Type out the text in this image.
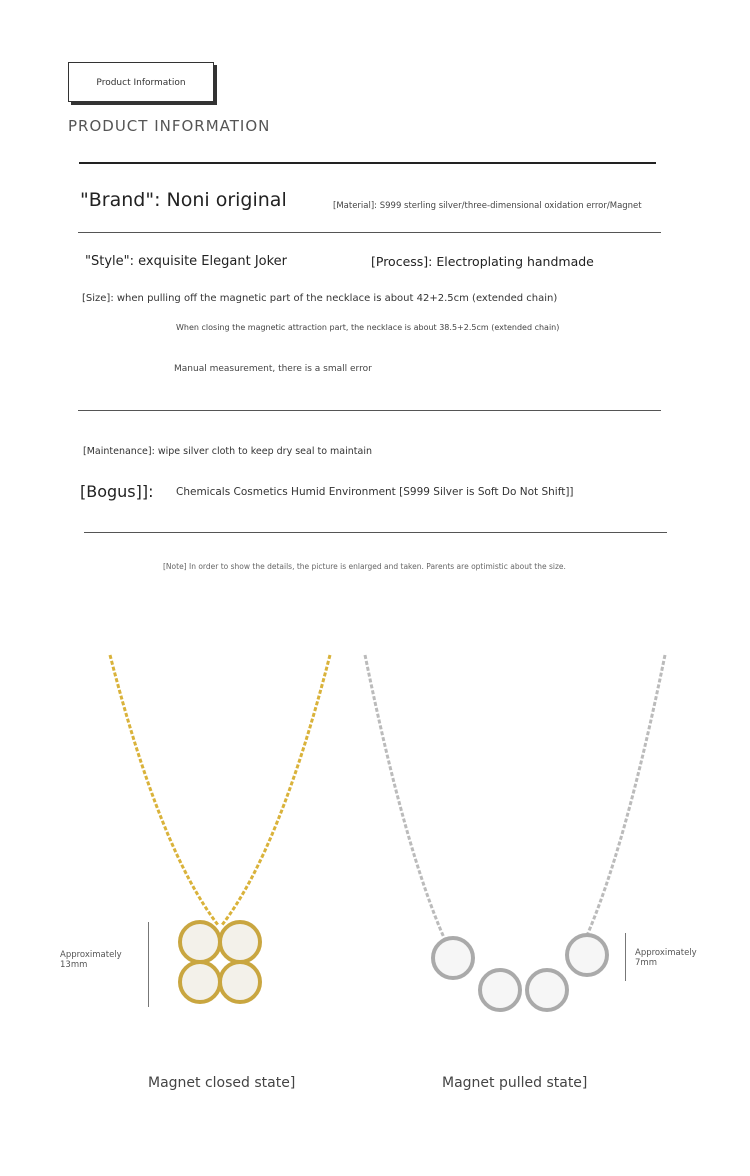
Product Information
PRODUCT INFORMATION
"Brand": Noni original	[Material]: S999 sterling silver/three-dimensional oxidation error/Magnet
"Style": exquisite Elegant Joker	[Process]: Electroplating handmade
[Size]: when pulling off the magnetic part of the necklace is about 42+2.5cm (extended chain)
When closing the magnetic attraction part, the necklace is about 38.5+2.5cm (extended chain)
Manual measurement, there is a small error
[Maintenance]: wipe silver cloth to keep dry seal to maintain
[Bogus]]: Chemicals Cosmetics Humid Environment [S999 Silver is Soft Do Not Shift]]
[Note] In order to show the details, the picture is enlarged and taken. Parents are optimistic about the size.
Approximately 13mm
Magnet closed state]
Approximately 7mm
Magnet pulled state]
